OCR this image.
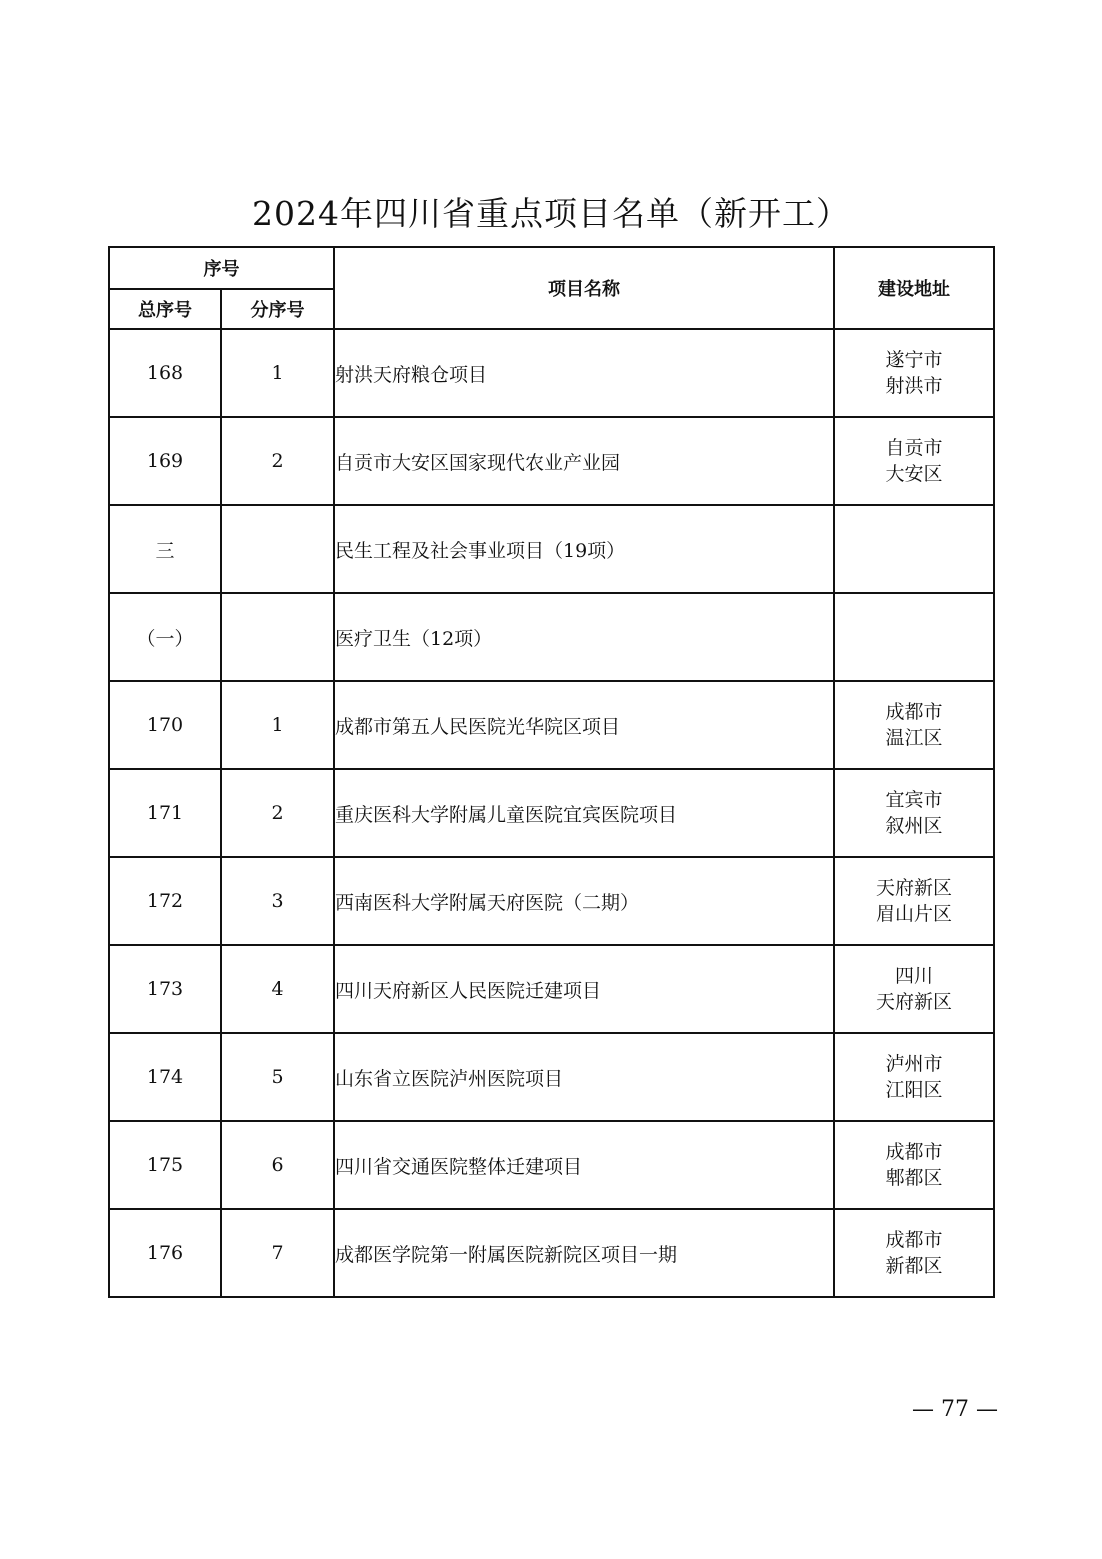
2024年四川省重点项目名单（新开工）
序号		项目名称	建设地址
总序号	分序号		
168	1	射洪天府粮仓项目	遂宁市
射洪市

169	2	自贡市大安区国家现代农业产业园	自贡市
大安区

三		民生工程及社会事业项目（19项）	

（一）		医疗卫生（12项）	

170	1	成都市第五人民医院光华院区项目	成都市
温江区

171	2	重庆医科大学附属儿童医院宜宾医院项目	宜宾市
叙州区

172	3	西南医科大学附属天府医院（二期）	天府新区
眉山片区

173	4	四川天府新区人民医院迁建项目	四川
天府新区

174	5	山东省立医院泸州医院项目	泸州市
江阳区

175	6	四川省交通医院整体迁建项目	成都市
郫都区

176	7	成都医学院第一附属医院新院区项目一期	成都市
新都区
— 77 —
